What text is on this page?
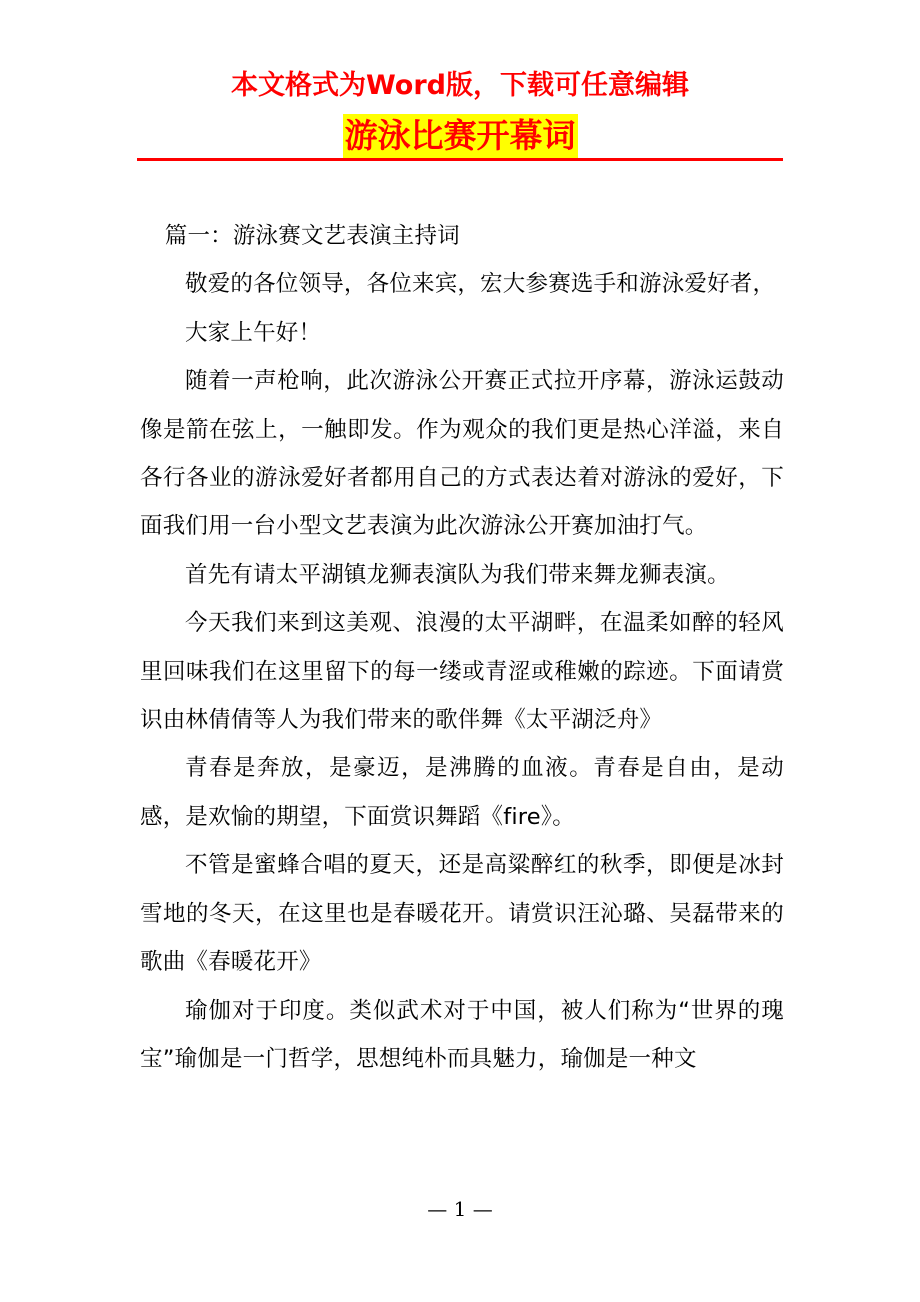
本文格式为Word版，下载可任意编辑
游泳比赛开幕词

篇一：游泳赛文艺表演主持词

敬爱的各位领导，各位来宾，宏大参赛选手和游泳爱好者，

大家上午好！

随着一声枪响，此次游泳公开赛正式拉开序幕，游泳运鼓动像是箭在弦上，一触即发。作为观众的我们更是热心洋溢，来自各行各业的游泳爱好者都用自己的方式表达着对游泳的爱好，下面我们用一台小型文艺表演为此次游泳公开赛加油打气。

首先有请太平湖镇龙狮表演队为我们带来舞龙狮表演。

今天我们来到这美观、浪漫的太平湖畔，在温柔如醉的轻风里回味我们在这里留下的每一缕或青涩或稚嫩的踪迹。下面请赏识由林倩倩等人为我们带来的歌伴舞《太平湖泛舟》

青春是奔放，是豪迈，是沸腾的血液。青春是自由，是动感，是欢愉的期望，下面赏识舞蹈《fire》。

不管是蜜蜂合唱的夏天，还是高粱醉红的秋季，即便是冰封雪地的冬天，在这里也是春暖花开。请赏识汪沁璐、吴磊带来的歌曲《春暖花开》

瑜伽对于印度。类似武术对于中国，被人们称为“世界的瑰宝”瑜伽是一门哲学，思想纯朴而具魅力，瑜伽是一种文

— 1 —
